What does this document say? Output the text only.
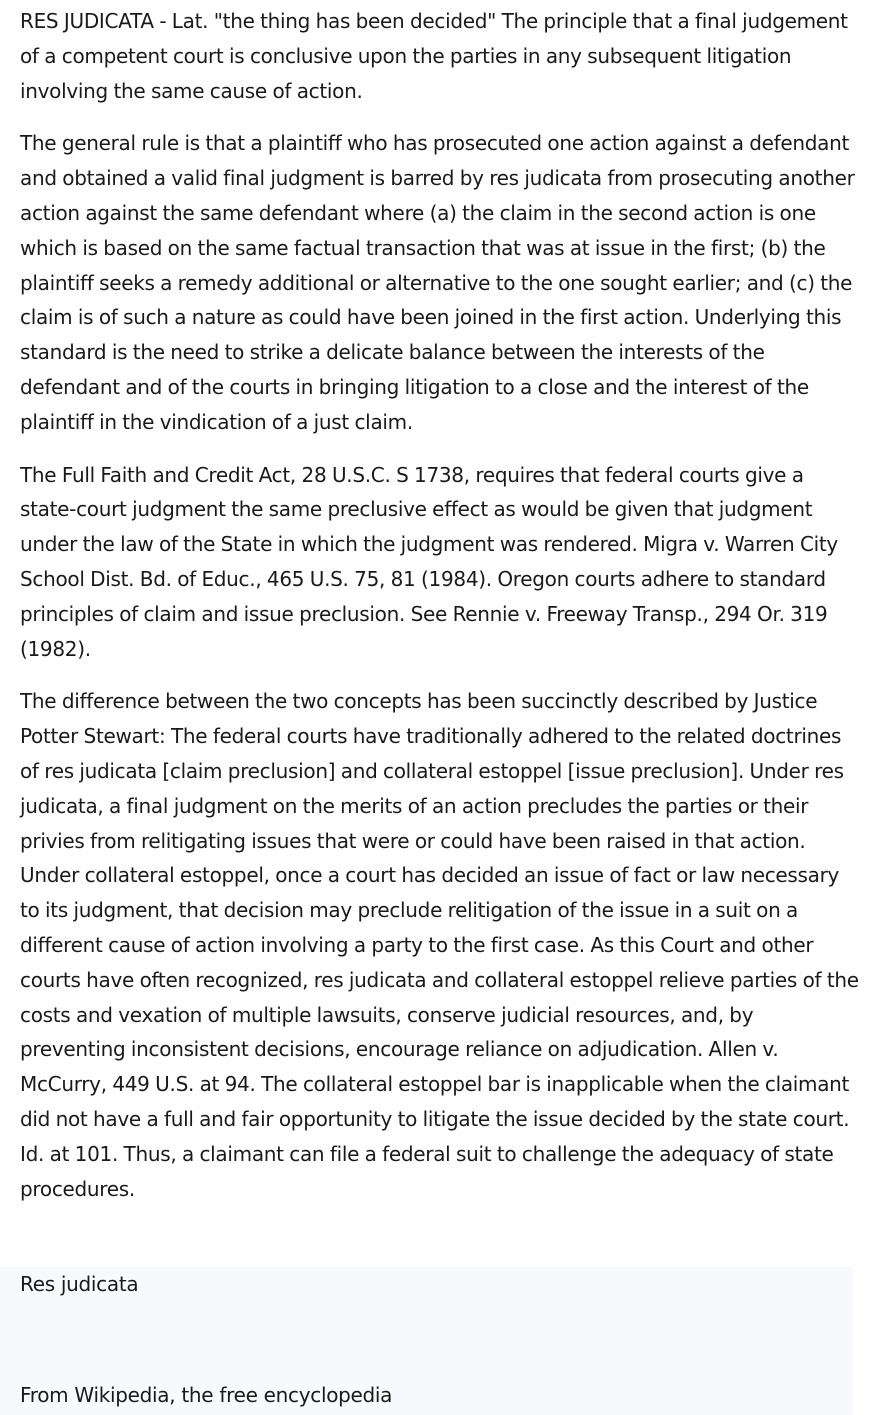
RES JUDICATA - Lat. "the thing has been decided" The principle that a final judgement of a competent court is conclusive upon the parties in any subsequent litigation involving the same cause of action.

The general rule is that a plaintiff who has prosecuted one action against a defendant and obtained a valid final judgment is barred by res judicata from prosecuting another action against the same defendant where (a) the claim in the second action is one which is based on the same factual transaction that was at issue in the first; (b) the plaintiff seeks a remedy additional or alternative to the one sought earlier; and (c) the claim is of such a nature as could have been joined in the first action. Underlying this standard is the need to strike a delicate balance between the interests of the defendant and of the courts in bringing litigation to a close and the interest of the plaintiff in the vindication of a just claim.

The Full Faith and Credit Act, 28 U.S.C. S 1738, requires that federal courts give a state-court judgment the same preclusive effect as would be given that judgment under the law of the State in which the judgment was rendered. Migra v. Warren City School Dist. Bd. of Educ., 465 U.S. 75, 81 (1984). Oregon courts adhere to standard principles of claim and issue preclusion. See Rennie v. Freeway Transp., 294 Or. 319 (1982).

The difference between the two concepts has been succinctly described by Justice Potter Stewart: The federal courts have traditionally adhered to the related doctrines of res judicata [claim preclusion] and collateral estoppel [issue preclusion]. Under res judicata, a final judgment on the merits of an action precludes the parties or their privies from relitigating issues that were or could have been raised in that action. Under collateral estoppel, once a court has decided an issue of fact or law necessary to its judgment, that decision may preclude relitigation of the issue in a suit on a different cause of action involving a party to the first case. As this Court and other courts have often recognized, res judicata and collateral estoppel relieve parties of the costs and vexation of multiple lawsuits, conserve judicial resources, and, by preventing inconsistent decisions, encourage reliance on adjudication. Allen v. McCurry, 449 U.S. at 94. The collateral estoppel bar is inapplicable when the claimant did not have a full and fair opportunity to litigate the issue decided by the state court. Id. at 101. Thus, a claimant can file a federal suit to challenge the adequacy of state procedures.

Res judicata
From Wikipedia, the free encyclopedia
